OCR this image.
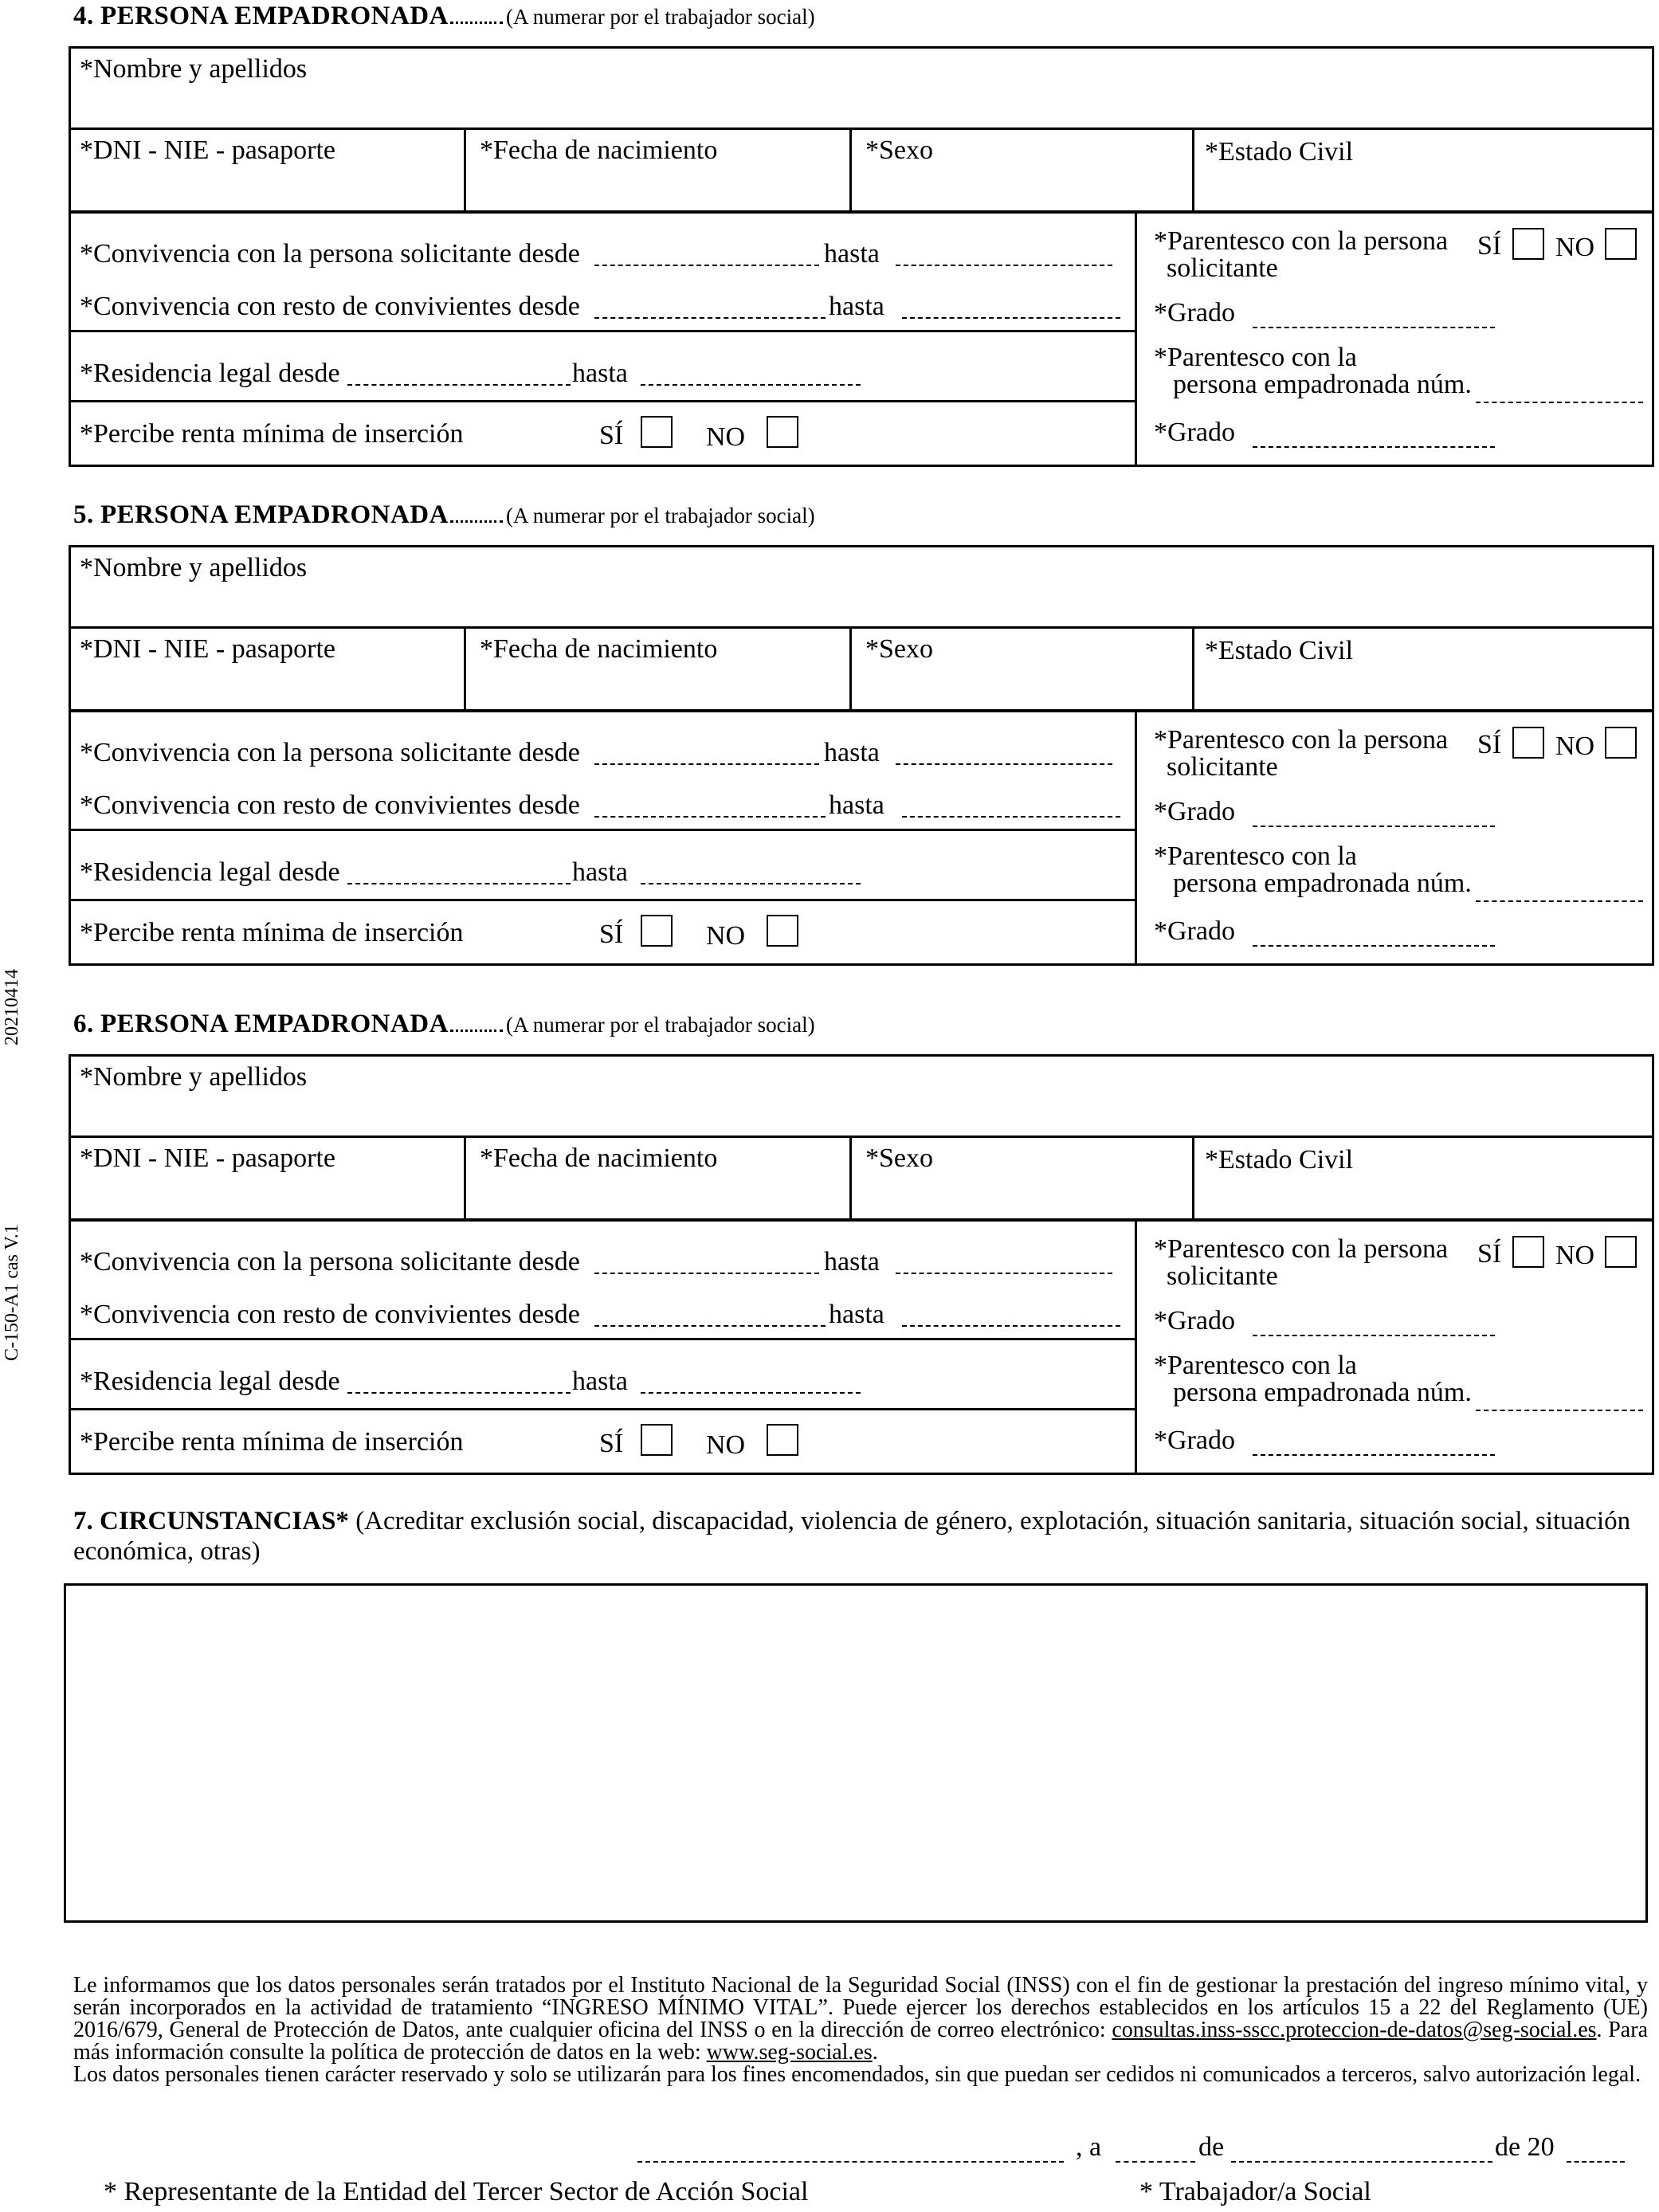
20210414
C-150-A1 cas V.1
4. PERSONA EMPADRONADA	(A numerar por el trabajador social)
*Nombre y apellidos
*DNI - NIE - pasaporte	*Fecha de nacimiento	*Sexo	*Estado Civil
*Convivencia con la persona solicitante desde	hasta
*Convivencia con resto de convivientes desde	hasta
*Residencia legal desde	hasta
*Percibe renta mínima de inserción	SÍ	NO
*Parentesco con la persona
solicitante
SÍ NO
*Grado
*Parentesco con la
persona empadronada núm.
*Grado
5. PERSONA EMPADRONADA	(A numerar por el trabajador social)
*Nombre y apellidos
*DNI - NIE - pasaporte	*Fecha de nacimiento	*Sexo	*Estado Civil
*Convivencia con la persona solicitante desde	hasta
*Convivencia con resto de convivientes desde	hasta
*Residencia legal desde	hasta
*Percibe renta mínima de inserción	SÍ	NO
*Parentesco con la persona
solicitante
SÍ NO
*Grado
*Parentesco con la
persona empadronada núm.
*Grado
6. PERSONA EMPADRONADA	(A numerar por el trabajador social)
*Nombre y apellidos
*DNI - NIE - pasaporte	*Fecha de nacimiento	*Sexo	*Estado Civil
*Convivencia con la persona solicitante desde	hasta
*Convivencia con resto de convivientes desde	hasta
*Residencia legal desde	hasta
*Percibe renta mínima de inserción	SÍ	NO
*Parentesco con la persona
solicitante
SÍ NO
*Grado
*Parentesco con la
persona empadronada núm.
*Grado
7. CIRCUNSTANCIAS* (Acreditar exclusión social, discapacidad, violencia de género, explotación, situación sanitaria, situación social, situación económica, otras)

Le informamos que los datos personales serán tratados por el Instituto Nacional de la Seguridad Social (INSS) con el fin de gestionar la prestación del ingreso mínimo vital, y serán incorporados en la actividad de tratamiento “INGRESO MÍNIMO VITAL”. Puede ejercer los derechos establecidos en los artículos 15 a 22 del Reglamento (UE) 2016/679, General de Protección de Datos, ante cualquier oficina del INSS o en la dirección de correo electrónico: consultas.inss-sscc.proteccion-de-datos@seg-social.es. Para más información consulte la política de protección de datos en la web: www.seg-social.es.

Los datos personales tienen carácter reservado y solo se utilizarán para los fines encomendados, sin que puedan ser cedidos ni comunicados a terceros, salvo autorización legal.

, a	de	de 20
* Representante de la Entidad del Tercer Sector de Acción Social	* Trabajador/a Social
